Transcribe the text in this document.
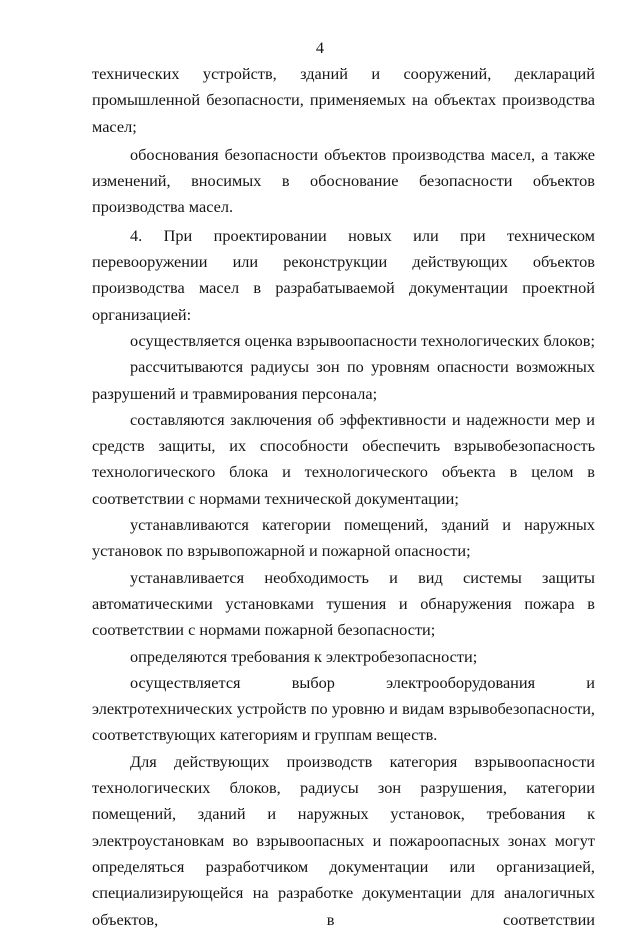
4

технических устройств, зданий и сооружений, деклараций промышленной безопасности, применяемых на объектах производства масел;

обоснования безопасности объектов производства масел, а также изменений, вносимых в обоснование безопасности объектов производства масел.

4. При проектировании новых или при техническом перевооружении или реконструкции действующих объектов производства масел в разрабатываемой документации проектной организацией:

осуществляется оценка взрывоопасности технологических блоков;

рассчитываются радиусы зон по уровням опасности возможных разрушений и травмирования персонала;

составляются заключения об эффективности и надежности мер и средств защиты, их способности обеспечить взрывобезопасность технологического блока и технологического объекта в целом в соответствии с нормами технической документации;

устанавливаются категории помещений, зданий и наружных установок по взрывопожарной и пожарной опасности;

устанавливается необходимость и вид системы защиты автоматическими установками тушения и обнаружения пожара в соответствии с нормами пожарной безопасности;

определяются требования к электробезопасности;

осуществляется выбор электрооборудования и электротехнических устройств по уровню и видам взрывобезопасности, соответствующих категориям и группам веществ.

Для действующих производств категория взрывоопасности технологических блоков, радиусы зон разрушения, категории помещений, зданий и наружных установок, требования к электроустановкам во взрывоопасных и пожароопасных зонах могут определяться разработчиком документации или организацией, специализирующейся на разработке документации для аналогичных объектов, в соответствии
